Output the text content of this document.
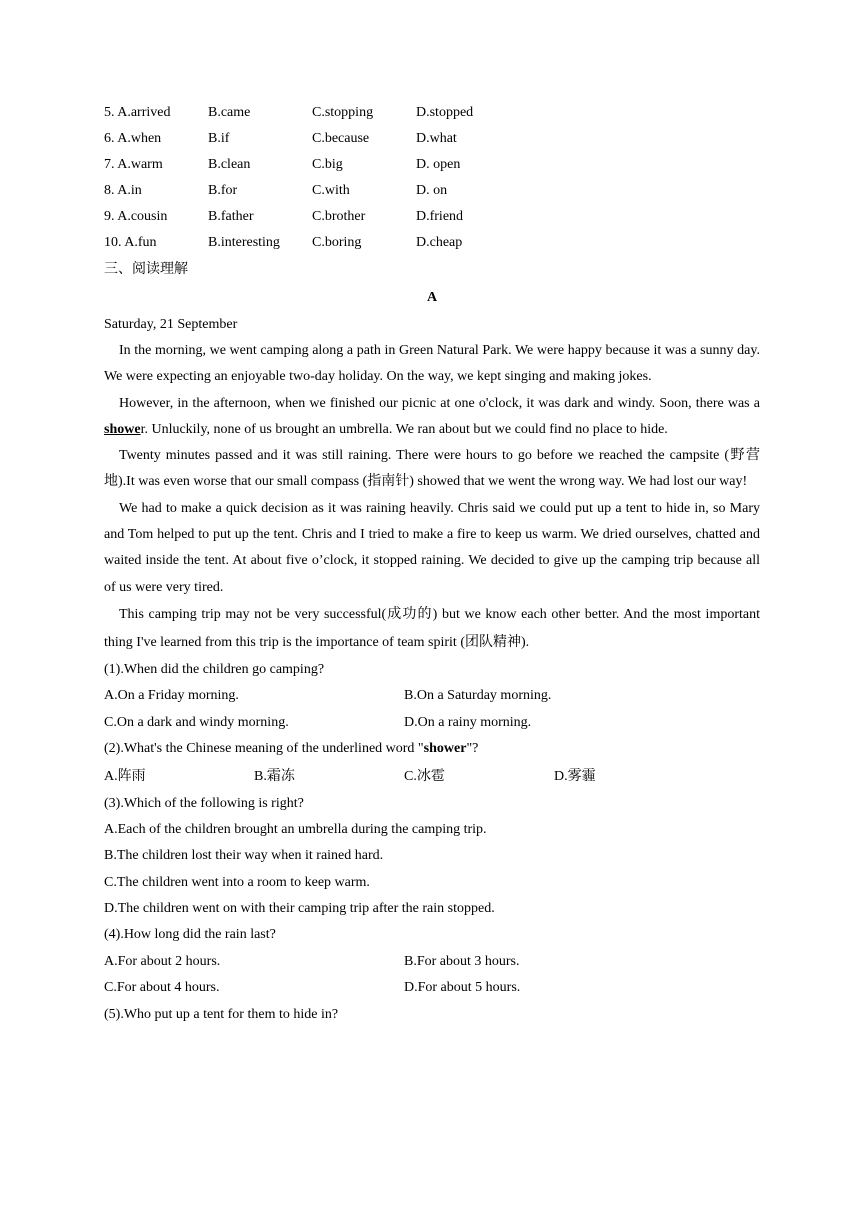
5. A.arrived	B.came	C.stopping	D.stopped
6. A.when	B.if	C.because	D.what
7. A.warm	B.clean	C.big	D. open
8. A.in	B.for	C.with	D. on
9. A.cousin	B.father	C.brother	D.friend
10. A.fun	B.interesting C.boring	D.cheap
三、阅读理解
A
Saturday, 21 September

In the morning, we went camping along a path in Green Natural Park. We were happy because it was a sunny day. We were expecting an enjoyable two-day holiday. On the way, we kept singing and making jokes.

However, in the afternoon, when we finished our picnic at one o'clock, it was dark and windy. Soon, there was a shower. Unluckily, none of us brought an umbrella. We ran about but we could find no place to hide.

Twenty minutes passed and it was still raining. There were hours to go before we reached the campsite (野营地).It was even worse that our small compass (指南针) showed that we went the wrong way. We had lost our way!

We had to make a quick decision as it was raining heavily. Chris said we could put up a tent to hide in, so Mary and Tom helped to put up the tent. Chris and I tried to make a fire to keep us warm. We dried ourselves, chatted and waited inside the tent. At about five o’clock, it stopped raining. We decided to give up the camping trip because all of us were very tired.

This camping trip may not be very successful(成功的) but we know each other better. And the most important thing I've learned from this trip is the importance of team spirit (团队精神).

(1).When did the children go camping?
A.On a Friday morning.	B.On a Saturday morning.
C.On a dark and windy morning.	D.On a rainy morning.
(2).What's the Chinese meaning of the underlined word "shower"?
A.阵雨	B.霜冻	C.冰雹	D.雾霾
(3).Which of the following is right?
A.Each of the children brought an umbrella during the camping trip.
B.The children lost their way when it rained hard.
C.The children went into a room to keep warm.
D.The children went on with their camping trip after the rain stopped.
(4).How long did the rain last?
A.For about 2 hours.	B.For about 3 hours.
C.For about 4 hours.	D.For about 5 hours.
(5).Who put up a tent for them to hide in?
